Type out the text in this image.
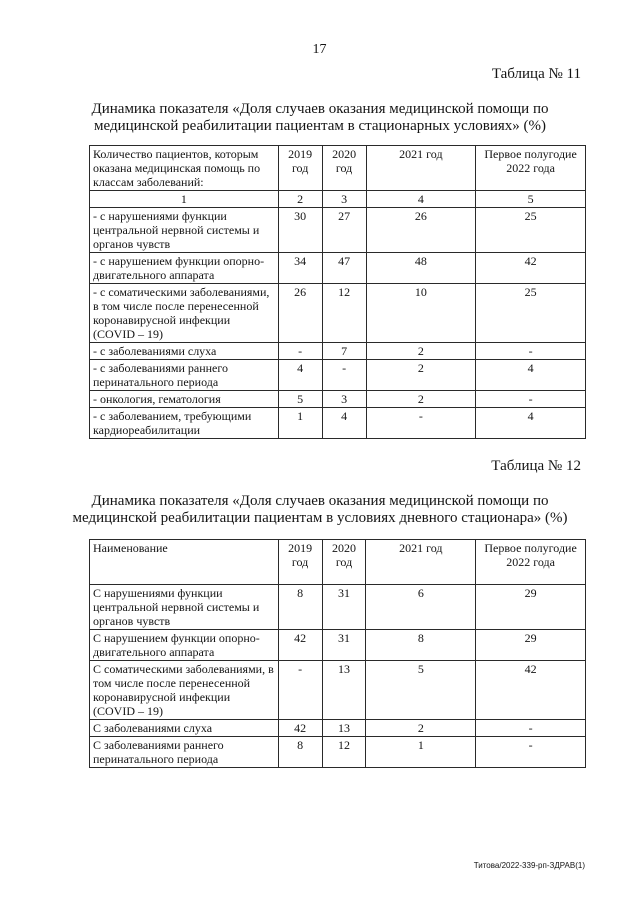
17
Таблица № 11
Динамика показателя «Доля случаев оказания медицинской помощи по
медицинской реабилитации пациентам в стационарных условиях» (%)
Количество пациентов, которым оказана медицинская помощь по классам заболеваний:	2019 год	2020 год	2021 год	Первое полугодие 2022 года
1	2	3	4	5
- с нарушениями функции центральной нервной системы и органов чувств	30	27	26	25
- с нарушением функции опорно-двигательного аппарата	34	47	48	42
- с соматическими заболеваниями, в том числе после перенесенной коронавирусной инфекции (COVID – 19)	26	12	10	25
- с заболеваниями слуха	-	7	2	-
- с заболеваниями раннего перинатального периода	4	-	2	4
- онкология, гематология	5	3	2	-
- с заболеванием, требующими кардиореабилитации	1	4	-	4
Таблица № 12
Динамика показателя «Доля случаев оказания медицинской помощи по
медицинской реабилитации пациентам в условиях дневного стационара» (%)
Наименование	2019 год	2020 год	2021 год	Первое полугодие 2022 года
С нарушениями функции центральной нервной системы и органов чувств	8	31	6	29
С нарушением функции опорно-двигательного аппарата	42	31	8	29
С соматическими заболеваниями, в том числе после перенесенной коронавирусной инфекции (COVID – 19)	-	13	5	42
С заболеваниями слуха	42	13	2	-
С заболеваниями раннего перинатального периода	8	12	1	-
Титова/2022-339-рп-ЗДРАВ(1)
